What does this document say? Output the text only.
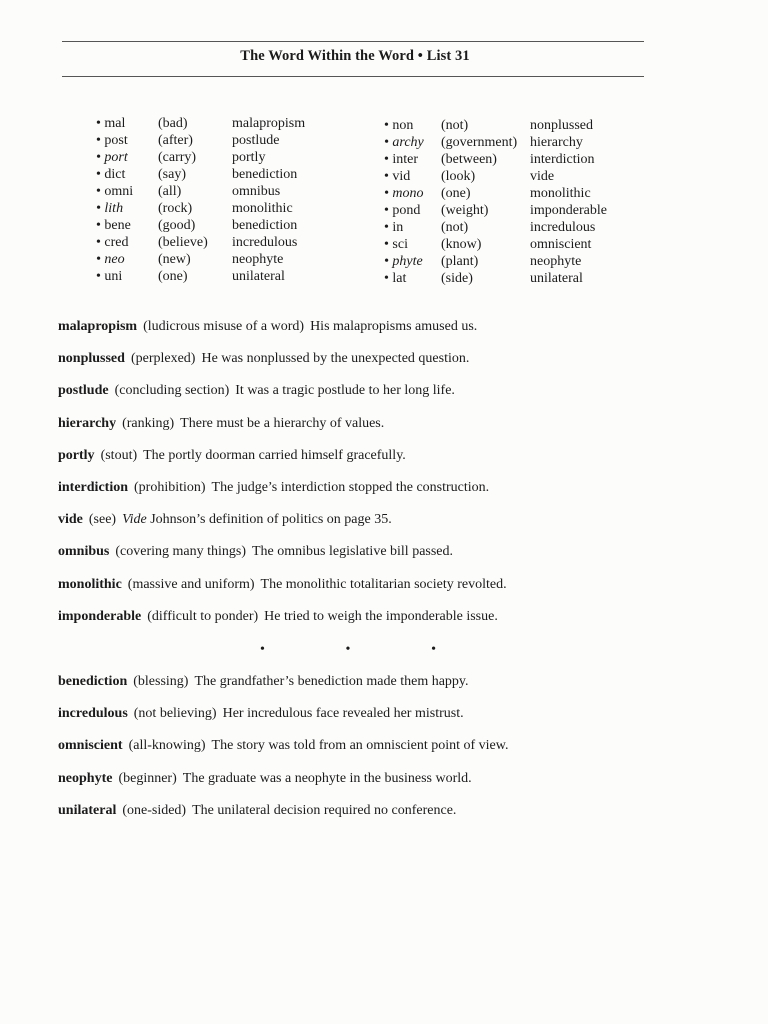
The Word Within the Word • List 31
• mal	(bad)	malapropism
• post	(after)	postlude
• port	(carry)	portly
• dict	(say)	benediction
• omni	(all)	omnibus
• lith	(rock)	monolithic
• bene	(good)	benediction
• cred	(believe)	incredulous
• neo	(new)	neophyte
• uni	(one)	unilateral
• non	(not)	nonplussed
• archy	(government)	hierarchy
• inter	(between)	interdiction
• vid	(look)	vide
• mono	(one)	monolithic
• pond	(weight)	imponderable
• in	(not)	incredulous
• sci	(know)	omniscient
• phyte	(plant)	neophyte
• lat	(side)	unilateral
malapropism (ludicrous misuse of a word) His malapropisms amused us.
nonplussed (perplexed) He was nonplussed by the unexpected question.
postlude (concluding section) It was a tragic postlude to her long life.
hierarchy (ranking) There must be a hierarchy of values.
portly (stout) The portly doorman carried himself gracefully.
interdiction (prohibition) The judge’s interdiction stopped the construction.
vide (see) Vide Johnson’s definition of politics on page 35.
omnibus (covering many things) The omnibus legislative bill passed.
monolithic (massive and uniform) The monolithic totalitarian society revolted.
imponderable (difficult to ponder) He tried to weigh the imponderable issue.
•	•	•
benediction (blessing) The grandfather’s benediction made them happy.
incredulous (not believing) Her incredulous face revealed her mistrust.
omniscient (all-knowing) The story was told from an omniscient point of view.
neophyte (beginner) The graduate was a neophyte in the business world.
unilateral (one-sided) The unilateral decision required no conference.
